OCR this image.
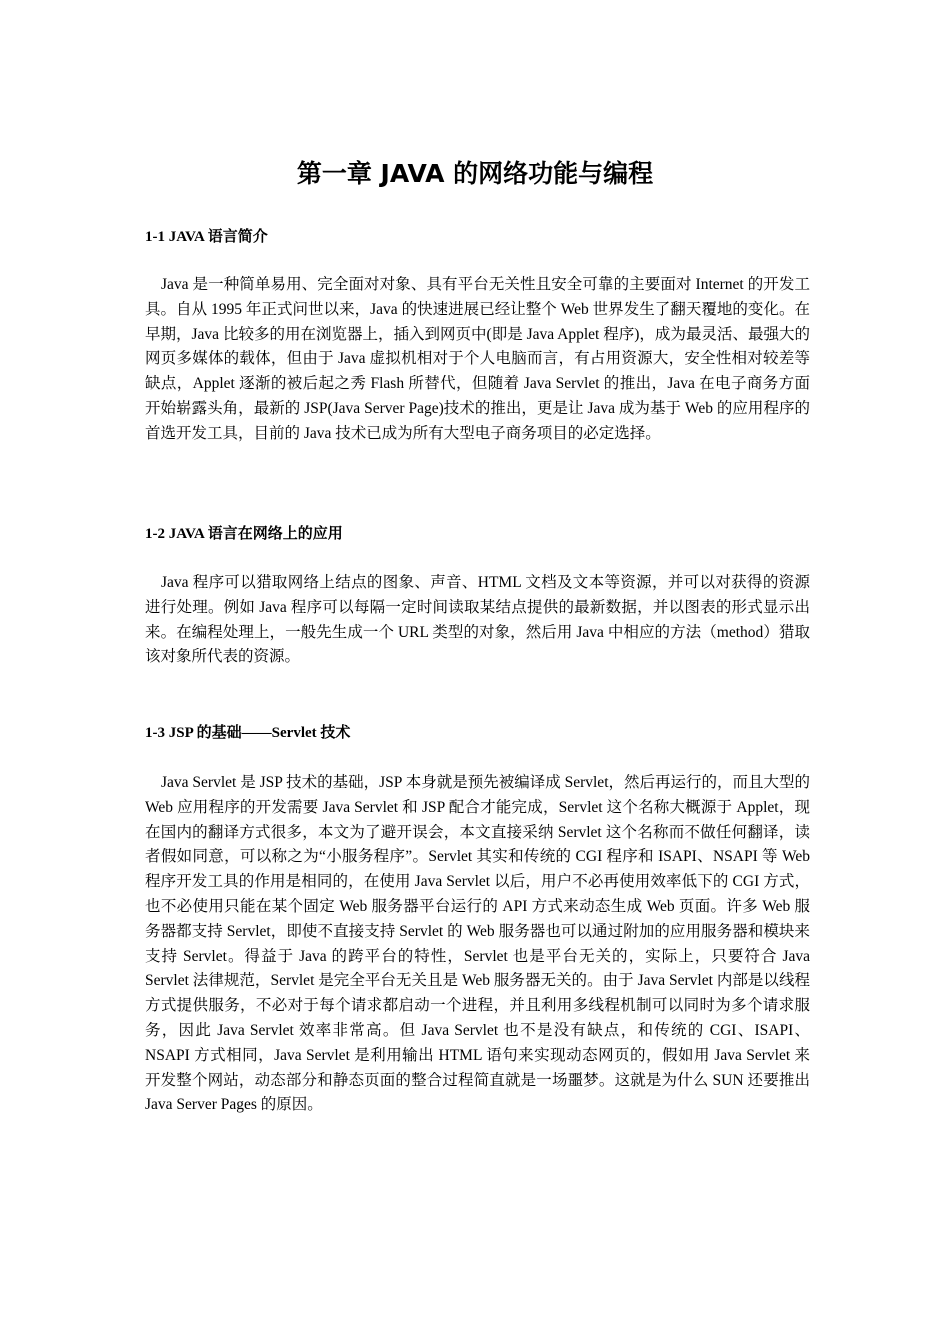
第一章 JAVA 的网络功能与编程
1-1 JAVA 语言简介

Java 是一种简单易用、完全面对对象、具有平台无关性且安全可靠的主要面对 Internet 的开发工具。自从 1995 年正式问世以来，Java 的快速进展已经让整个 Web 世界发生了翻天覆地的变化。在早期，Java 比较多的用在浏览器上，插入到网页中(即是 Java Applet 程序)，成为最灵活、最强大的网页多媒体的载体，但由于 Java 虚拟机相对于个人电脑而言，有占用资源大，安全性相对较差等缺点，Applet 逐渐的被后起之秀 Flash 所替代，但随着 Java Servlet 的推出，Java 在电子商务方面开始崭露头角，最新的 JSP(Java Server Page)技术的推出，更是让 Java 成为基于 Web 的应用程序的首选开发工具，目前的 Java 技术已成为所有大型电子商务项目的必定选择。

1-2 JAVA 语言在网络上的应用

Java 程序可以猎取网络上结点的图象、声音、HTML 文档及文本等资源，并可以对获得的资源进行处理。例如 Java 程序可以每隔一定时间读取某结点提供的最新数据，并以图表的形式显示出来。在编程处理上，一般先生成一个 URL 类型的对象，然后用 Java 中相应的方法（method）猎取该对象所代表的资源。

1-3 JSP 的基础——Servlet 技术

Java Servlet 是 JSP 技术的基础，JSP 本身就是预先被编译成 Servlet，然后再运行的，而且大型的 Web 应用程序的开发需要 Java Servlet 和 JSP 配合才能完成，Servlet 这个名称大概源于 Applet，现在国内的翻译方式很多，本文为了避开误会，本文直接采纳 Servlet 这个名称而不做任何翻译，读者假如同意，可以称之为“小服务程序”。Servlet 其实和传统的 CGI 程序和 ISAPI、NSAPI 等 Web 程序开发工具的作用是相同的，在使用 Java Servlet 以后，用户不必再使用效率低下的 CGI 方式，也不必使用只能在某个固定 Web 服务器平台运行的 API 方式来动态生成 Web 页面。许多 Web 服务器都支持 Servlet，即使不直接支持 Servlet 的 Web 服务器也可以通过附加的应用服务器和模块来支持 Servlet。得益于 Java 的跨平台的特性，Servlet 也是平台无关的，实际上，只要符合 Java Servlet 法律规范，Servlet 是完全平台无关且是 Web 服务器无关的。由于 Java Servlet 内部是以线程方式提供服务，不必对于每个请求都启动一个进程，并且利用多线程机制可以同时为多个请求服务，因此 Java Servlet 效率非常高。但 Java Servlet 也不是没有缺点，和传统的 CGI、ISAPI、NSAPI 方式相同，Java Servlet 是利用输出 HTML 语句来实现动态网页的，假如用 Java Servlet 来开发整个网站，动态部分和静态页面的整合过程简直就是一场噩梦。这就是为什么 SUN 还要推出 Java Server Pages 的原因。
